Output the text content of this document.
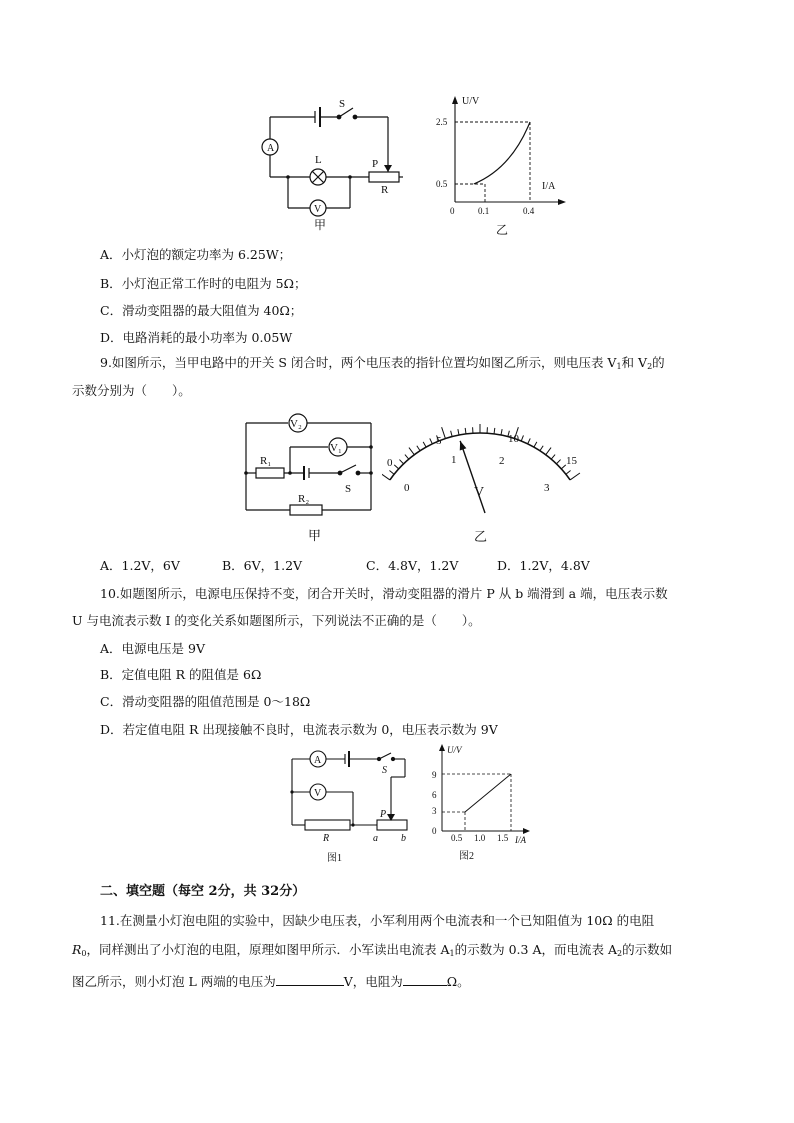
S
A
L	P
R
V
甲
U/V
I/A
2.5
0.5
0	0.1	0.4
乙
A．小灯泡的额定功率为 6.25W；
B．小灯泡正常工作时的电阻为 5Ω；
C．滑动变阻器的最大阻值为 40Ω；
D．电路消耗的最小功率为 0.05W
9.如图所示，当甲电路中的开关 S 闭合时，两个电压表的指针位置均如图乙所示，则电压表 $V_1$和 $V_2$的
示数分别为（　　）。
V₂
V₁
R₁
S
R₂
甲
0
5	10
15
0
1	2
3
V
乙
A．1.2V，6V	B．6V，1.2V	C．4.8V，1.2V	D．1.2V，4.8V
10.如题图所示，电源电压保持不变，闭合开关时，滑动变阻器的滑片 P 从 b 端滑到 a 端，电压表示数
U 与电流表示数 I 的变化关系如题图所示，下列说法不正确的是（　　）。
A．电源电压是 9V
B．定值电阻 R 的阻值是 6Ω
C．滑动变阻器的阻值范围是 0～18Ω
D．若定值电阻 R 出现接触不良时，电流表示数为 0，电压表示数为 9V
A
V
S
P
R	a b
图1
U/V
I/A
9
6
3
0
0.5 1.0 1.5
图2
二、填空题（每空 2分，共 32分）
11.在测量小灯泡电阻的实验中，因缺少电压表，小军利用两个电流表和一个已知阻值为 10Ω 的电阻
$R_0$，同样测出了小灯泡的电阻，原理如图甲所示．小军读出电流表 $A_1$的示数为 0.3 A，而电流表 $A_2$的示数如
图乙所示，则小灯泡 L 两端的电压为	V，电阻为	Ω。
